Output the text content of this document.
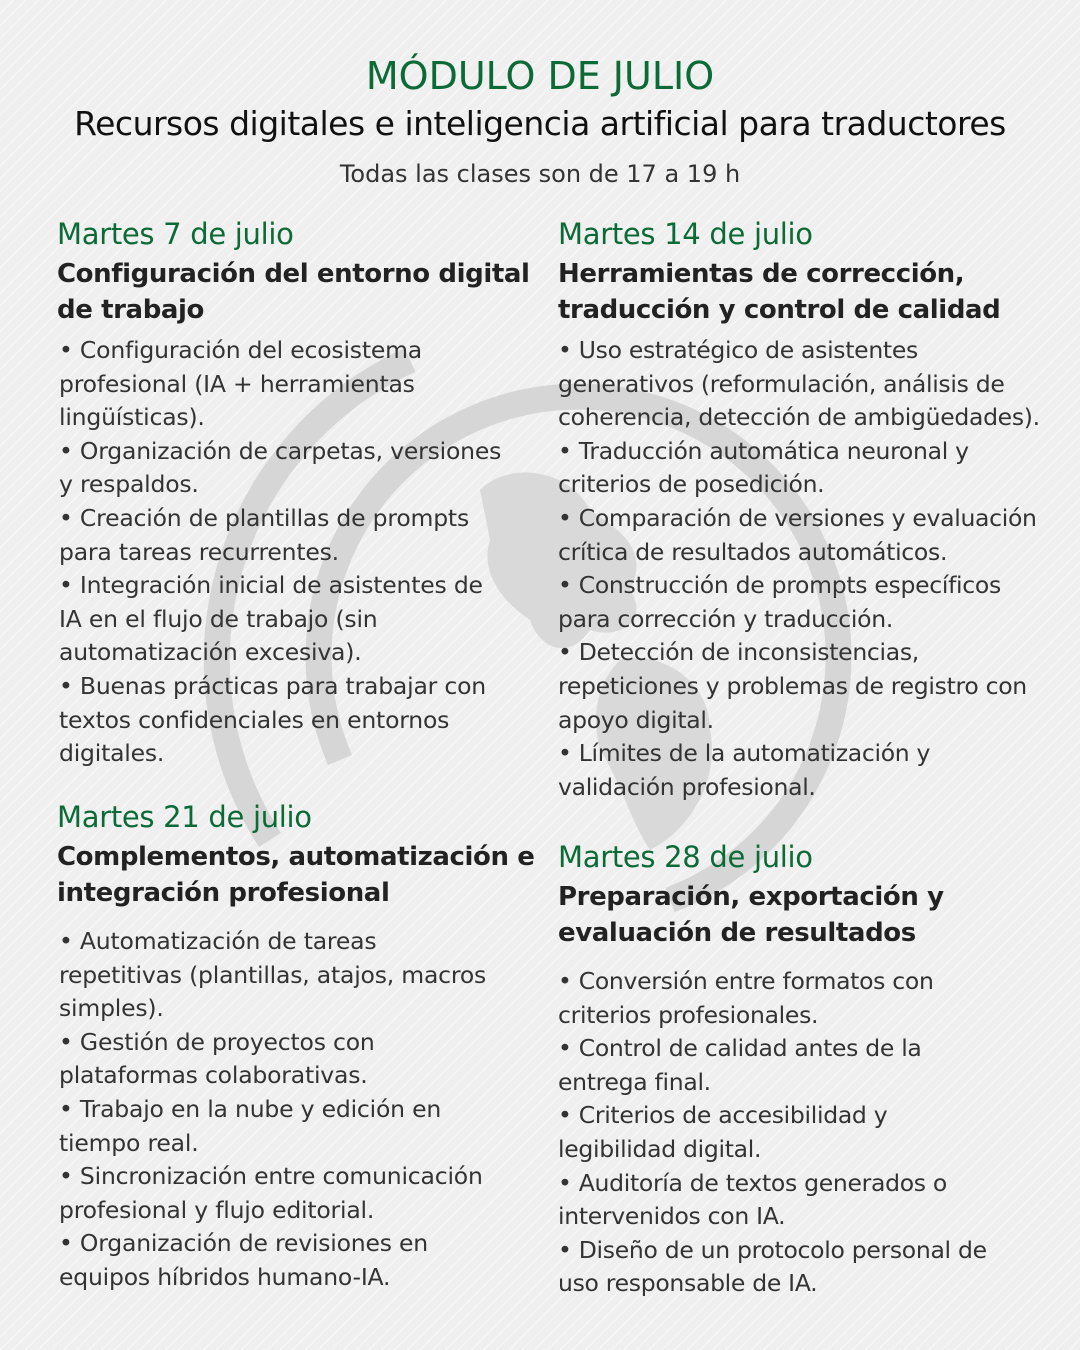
MÓDULO DE JULIO
Recursos digitales e inteligencia artificial para traductores
Todas las clases son de 17 a 19 h
Martes 7 de julio
Configuración del entorno digital
de trabajo
• Configuración del ecosistema
profesional (IA + herramientas
lingüísticas).
• Organización de carpetas, versiones
y respaldos.
• Creación de plantillas de prompts
para tareas recurrentes.
• Integración inicial de asistentes de
IA en el flujo de trabajo (sin
automatización excesiva).
• Buenas prácticas para trabajar con
textos confidenciales en entornos
digitales.
Martes 14 de julio
Herramientas de corrección,
traducción y control de calidad
• Uso estratégico de asistentes
generativos (reformulación, análisis de
coherencia, detección de ambigüedades).
• Traducción automática neuronal y
criterios de posedición.
• Comparación de versiones y evaluación
crítica de resultados automáticos.
• Construcción de prompts específicos
para corrección y traducción.
• Detección de inconsistencias,
repeticiones y problemas de registro con
apoyo digital.
• Límites de la automatización y
validación profesional.
Martes 21 de julio
Complementos, automatización e
integración profesional
• Automatización de tareas
repetitivas (plantillas, atajos, macros
simples).
• Gestión de proyectos con
plataformas colaborativas.
• Trabajo en la nube y edición en
tiempo real.
• Sincronización entre comunicación
profesional y flujo editorial.
• Organización de revisiones en
equipos híbridos humano-IA.
Martes 28 de julio
Preparación, exportación y
evaluación de resultados
• Conversión entre formatos con
criterios profesionales.
• Control de calidad antes de la
entrega final.
• Criterios de accesibilidad y
legibilidad digital.
• Auditoría de textos generados o
intervenidos con IA.
• Diseño de un protocolo personal de
uso responsable de IA.
